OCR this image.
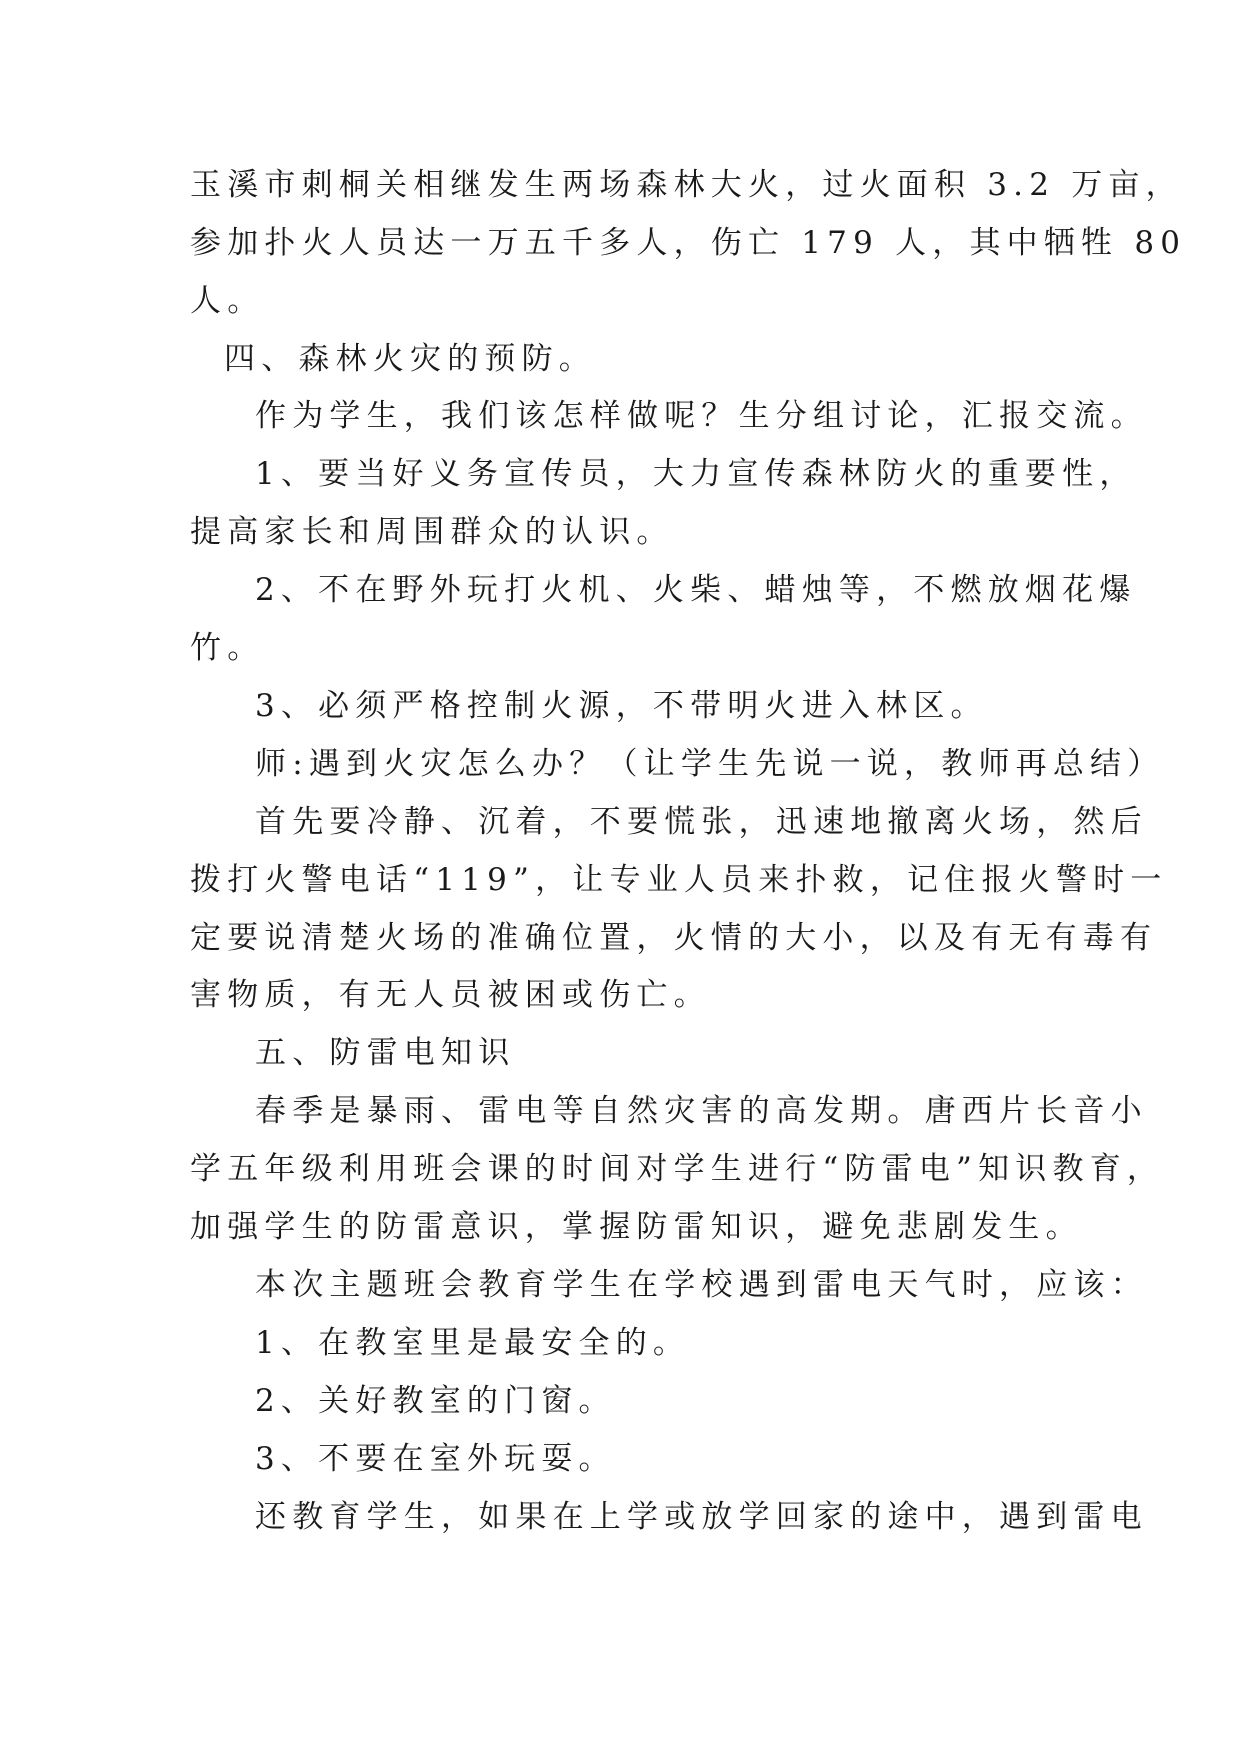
玉溪市刺桐关相继发生两场森林大火，过火面积 3.2 万亩，
参加扑火人员达一万五千多人，伤亡 179 人，其中牺牲 80
人。
四、森林火灾的预防。
作为学生，我们该怎样做呢？生分组讨论，汇报交流。
1、要当好义务宣传员，大力宣传森林防火的重要性，
提高家长和周围群众的认识。
2、不在野外玩打火机、火柴、蜡烛等，不燃放烟花爆
竹。
3、必须严格控制火源，不带明火进入林区。
师:遇到火灾怎么办？（让学生先说一说，教师再总结）
首先要冷静、沉着，不要慌张，迅速地撤离火场，然后
拨打火警电话“119”，让专业人员来扑救，记住报火警时一
定要说清楚火场的准确位置，火情的大小，以及有无有毒有
害物质，有无人员被困或伤亡。
五、防雷电知识
春季是暴雨、雷电等自然灾害的高发期。唐西片长音小
学五年级利用班会课的时间对学生进行“防雷电”知识教育，
加强学生的防雷意识，掌握防雷知识，避免悲剧发生。
本次主题班会教育学生在学校遇到雷电天气时，应该：
1、在教室里是最安全的。
2、关好教室的门窗。
3、不要在室外玩耍。
还教育学生，如果在上学或放学回家的途中，遇到雷电
